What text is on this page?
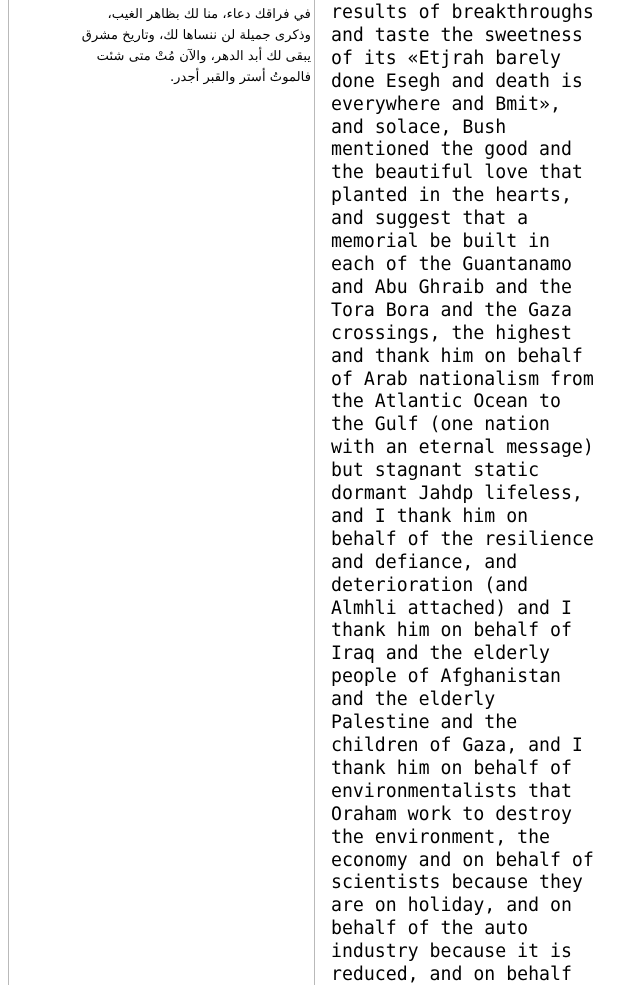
في فراقك دعاء، منا لك بظاهر الغيب،
وذكرى جميلة لن ننساها لك، وتاريخ مشرق
يبقى لك أبد الدهر، والآن مُتْ متى شئت
فالموتُ أستر والقبر أجدر.

results of breakthroughs
and taste the sweetness
of its «Etjrah barely
done Esegh and death is
everywhere and Bmit»,
and solace, Bush
mentioned the good and
the beautiful love that
planted in the hearts,
and suggest that a
memorial be built in
each of the Guantanamo
and Abu Ghraib and the
Tora Bora and the Gaza
crossings, the highest
and thank him on behalf
of Arab nationalism from
the Atlantic Ocean to
the Gulf (one nation
with an eternal message)
but stagnant static
dormant Jahdp lifeless,
and I thank him on
behalf of the resilience
and defiance, and
deterioration (and
Almhli attached) and I
thank him on behalf of
Iraq and the elderly
people of Afghanistan
and the elderly
Palestine and the
children of Gaza, and I
thank him on behalf of
environmentalists that
Oraham work to destroy
the environment, the
economy and on behalf of
scientists because they
are on holiday, and on
behalf of the auto
industry because it is
reduced, and on behalf
